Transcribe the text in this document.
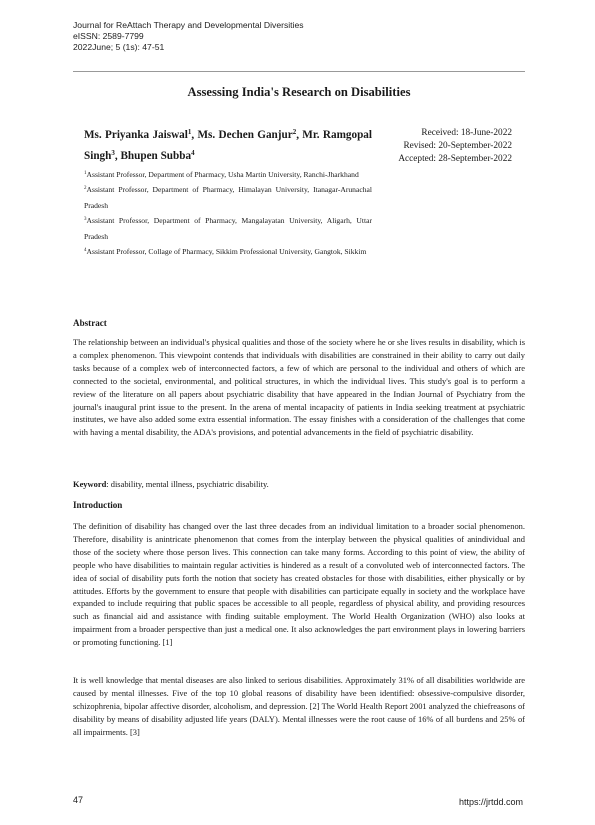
Journal for ReAttach Therapy and Developmental Diversities
eISSN: 2589-7799
2022June; 5 (1s): 47-51
Assessing India's Research on Disabilities
Ms. Priyanka Jaiswal$^1$, Ms. Dechen Ganjur$^2$, Mr. Ramgopal Singh$^3$, Bhupen Subba$^4$
Received: 18-June-2022
Revised: 20-September-2022
Accepted: 28-September-2022

$^1$Assistant Professor, Department of Pharmacy, Usha Martin University, Ranchi-Jharkhand

$^2$Assistant Professor, Department of Pharmacy, Himalayan University, Itanagar-Arunachal Pradesh

$^3$Assistant Professor, Department of Pharmacy, Mangalayatan University, Aligarh, Uttar Pradesh

$^4$Assistant Professor, Collage of Pharmacy, Sikkim Professional University, Gangtok, Sikkim

Abstract

The relationship between an individual's physical qualities and those of the society where he or she lives results in disability, which is a complex phenomenon. This viewpoint contends that individuals with disabilities are constrained in their ability to carry out daily tasks because of a complex web of interconnected factors, a few of which are personal to the individual and others of which are connected to the societal, environmental, and political structures, in which the individual lives. This study's goal is to perform a review of the literature on all papers about psychiatric disability that have appeared in the Indian Journal of Psychiatry from the journal's inaugural print issue to the present. In the arena of mental incapacity of patients in India seeking treatment at psychiatric institutes, we have also added some extra essential information. The essay finishes with a consideration of the challenges that come with having a mental disability, the ADA's provisions, and potential advancements in the field of psychiatric disability.

Keyword: disability, mental illness, psychiatric disability.
Introduction

The definition of disability has changed over the last three decades from an individual limitation to a broader social phenomenon. Therefore, disability is anintricate phenomenon that comes from the interplay between the physical qualities of anindividual and those of the society where those person lives. This connection can take many forms. According to this point of view, the ability of people who have disabilities to maintain regular activities is hindered as a result of a convoluted web of interconnected factors. The idea of social of disability puts forth the notion that society has created obstacles for those with disabilities, either physically or by attitudes. Efforts by the government to ensure that people with disabilities can participate equally in society and the workplace have expanded to include requiring that public spaces be accessible to all people, regardless of physical ability, and providing resources such as financial aid and assistance with finding suitable employment. The World Health Organization (WHO) also looks at impairment from a broader perspective than just a medical one. It also acknowledges the part environment plays in lowering barriers or promoting functioning. [1]

It is well knowledge that mental diseases are also linked to serious disabilities. Approximately 31% of all disabilities worldwide are caused by mental illnesses. Five of the top 10 global reasons of disability have been identified: obsessive-compulsive disorder, schizophrenia, bipolar affective disorder, alcoholism, and depression. [2] The World Health Report 2001 analyzed the chiefreasons of disability by means of disability adjusted life years (DALY). Mental illnesses were the root cause of 16% of all burdens and 25% of all impairments. [3]

47	https://jrtdd.com
